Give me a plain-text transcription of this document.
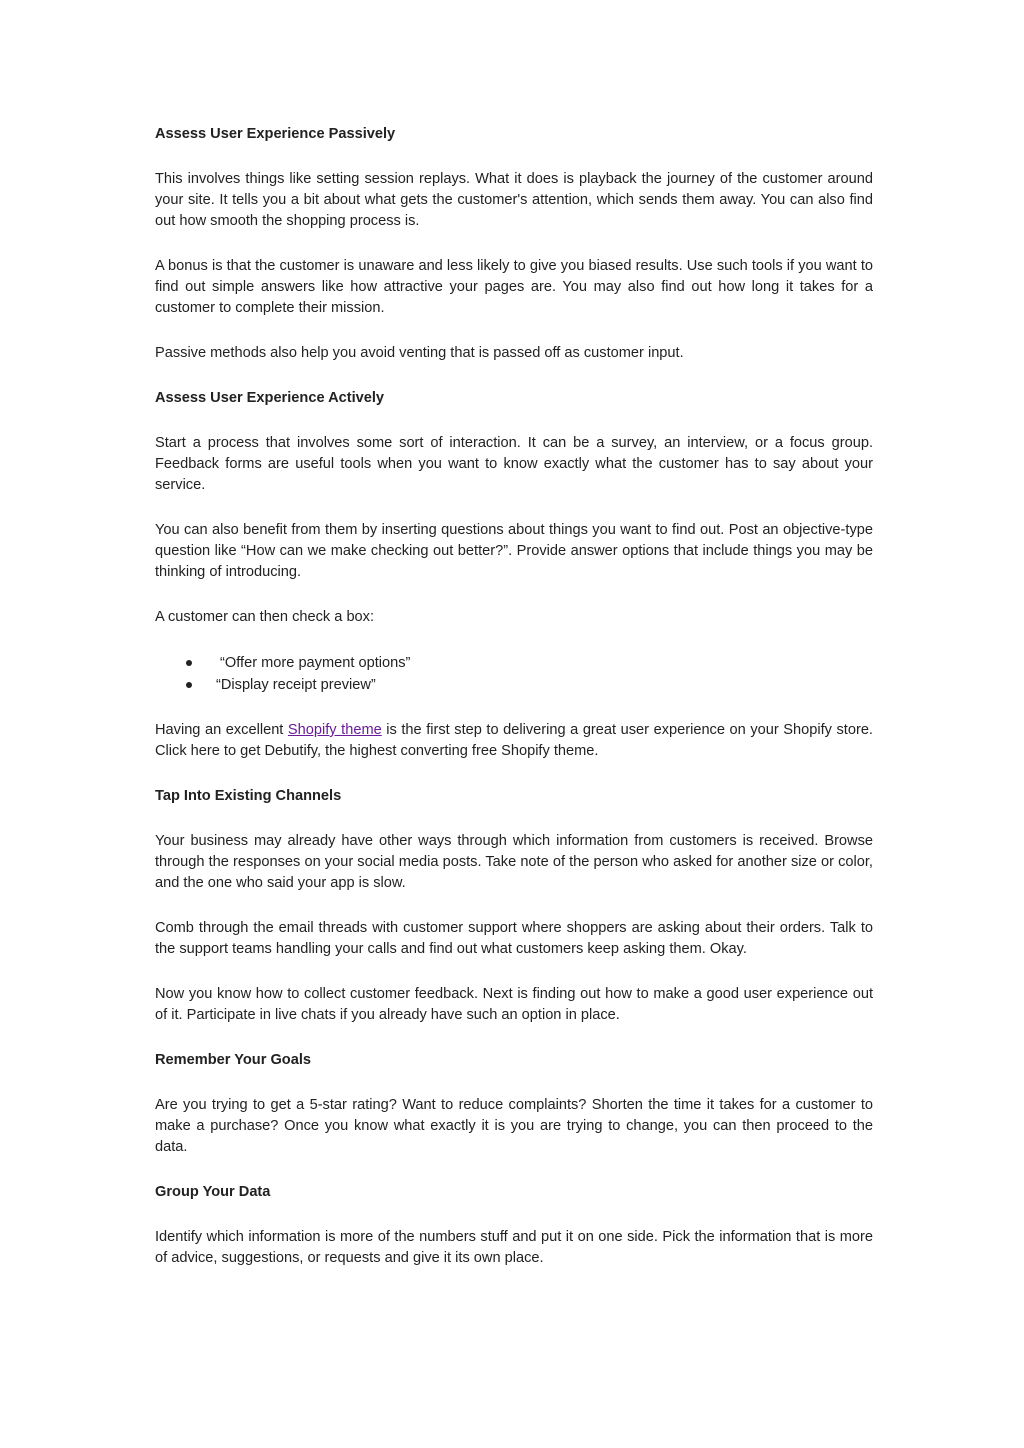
Assess User Experience Passively

This involves things like setting session replays. What it does is playback the journey of the customer around your site. It tells you a bit about what gets the customer's attention, which sends them away. You can also find out how smooth the shopping process is.

A bonus is that the customer is unaware and less likely to give you biased results. Use such tools if you want to find out simple answers like how attractive your pages are. You may also find out how long it takes for a customer to complete their mission.

Passive methods also help you avoid venting that is passed off as customer input.

Assess User Experience Actively

Start a process that involves some sort of interaction. It can be a survey, an interview, or a focus group. Feedback forms are useful tools when you want to know exactly what the customer has to say about your service.

You can also benefit from them by inserting questions about things you want to find out. Post an objective-type question like “How can we make checking out better?”. Provide answer options that include things you may be thinking of introducing.

A customer can then check a box:

“Offer more payment options”
“Display receipt preview”

Having an excellent Shopify theme is the first step to delivering a great user experience on your Shopify store. Click here to get Debutify, the highest converting free Shopify theme.

Tap Into Existing Channels

Your business may already have other ways through which information from customers is received. Browse through the responses on your social media posts. Take note of the person who asked for another size or color, and the one who said your app is slow.

Comb through the email threads with customer support where shoppers are asking about their orders. Talk to the support teams handling your calls and find out what customers keep asking them. Okay.

Now you know how to collect customer feedback. Next is finding out how to make a good user experience out of it. Participate in live chats if you already have such an option in place.

Remember Your Goals

Are you trying to get a 5-star rating? Want to reduce complaints? Shorten the time it takes for a customer to make a purchase? Once you know what exactly it is you are trying to change, you can then proceed to the data.

Group Your Data

Identify which information is more of the numbers stuff and put it on one side. Pick the information that is more of advice, suggestions, or requests and give it its own place.
